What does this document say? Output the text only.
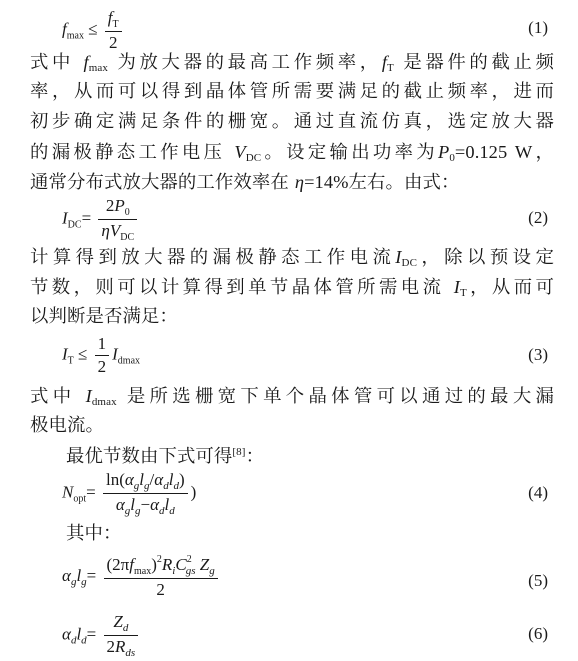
$f_{max} \le \frac{f_T}{2}$	(1)
式中 fmax 为放大器的最高工作频率，fT 是器件的截止频
率，从而可以得到晶体管所需要满足的截止频率，进而
初步确定满足条件的栅宽。通过直流仿真，选定放大器
的漏极静态工作电压 VDC。设定输出功率为P0=0.125 W，
通常分布式放大器的工作效率在 η=14%左右。由式：
$I_{DC}= \frac{2P_0}{\eta V_{DC}}$	(2)
计算得到放大器的漏极静态工作电流IDC，除以预设定
节数，则可以计算得到单节晶体管所需电流 IT，从而可
以判断是否满足：
$I_T \le \frac{1}{2} I_{dmax}$	(3)
式中 Idmax 是所选栅宽下单个晶体管可以通过的最大漏
极电流。
最优节数由下式可得[8]：
$N_{opt}= \frac{\ln(\alpha_gl_g/\alpha_dl_d)}{\alpha_gl_g-\alpha_dl_d}$ )	(4)
其中：
$\alpha_gl_g= \frac{(2\pi f_{max})^2R_iC^2_{gs} Z_g}{2}$	(5)
$\alpha_dl_d= \frac{Z_d}{2R_{ds}}$	(6)
